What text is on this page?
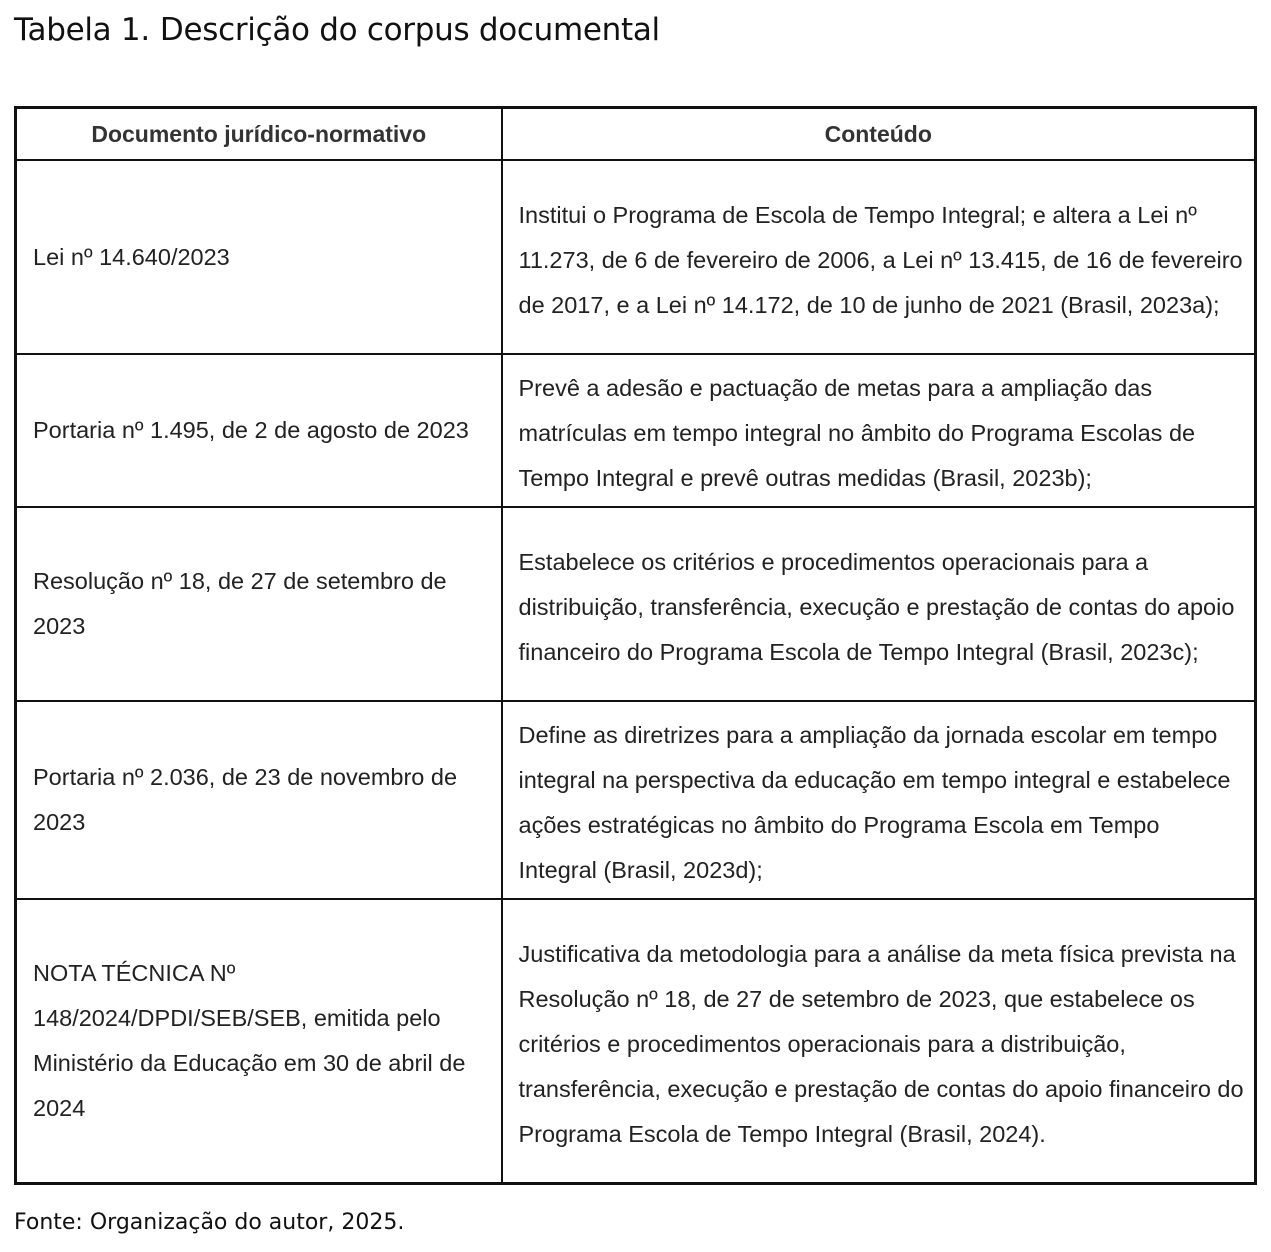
Tabela 1. Descrição do corpus documental
Documento jurídico-normativo	Conteúdo
Lei nº 14.640/2023	Institui o Programa de Escola de Tempo Integral; e altera a Lei nº 11.273, de 6 de fevereiro de 2006, a Lei nº 13.415, de 16 de fevereiro de 2017, e a Lei nº 14.172, de 10 de junho de 2021 (Brasil, 2023a);
Portaria nº 1.495, de 2 de agosto de 2023	Prevê a adesão e pactuação de metas para a ampliação das matrículas em tempo integral no âmbito do Programa Escolas de Tempo Integral e prevê outras medidas (Brasil, 2023b);
Resolução nº 18, de 27 de setembro de 2023	Estabelece os critérios e procedimentos operacionais para a distribuição, transferência, execução e prestação de contas do apoio financeiro do Programa Escola de Tempo Integral (Brasil, 2023c);
Portaria nº 2.036, de 23 de novembro de 2023	Define as diretrizes para a ampliação da jornada escolar em tempo integral na perspectiva da educação em tempo integral e estabelece ações estratégicas no âmbito do Programa Escola em Tempo Integral (Brasil, 2023d);
NOTA TÉCNICA Nº 148/2024/DPDI/SEB/SEB, emitida pelo Ministério da Educação em 30 de abril de 2024	Justificativa da metodologia para a análise da meta física prevista na Resolução nº 18, de 27 de setembro de 2023, que estabelece os critérios e procedimentos operacionais para a distribuição, transferência, execução e prestação de contas do apoio financeiro do Programa Escola de Tempo Integral (Brasil, 2024).
Fonte: Organização do autor, 2025.
